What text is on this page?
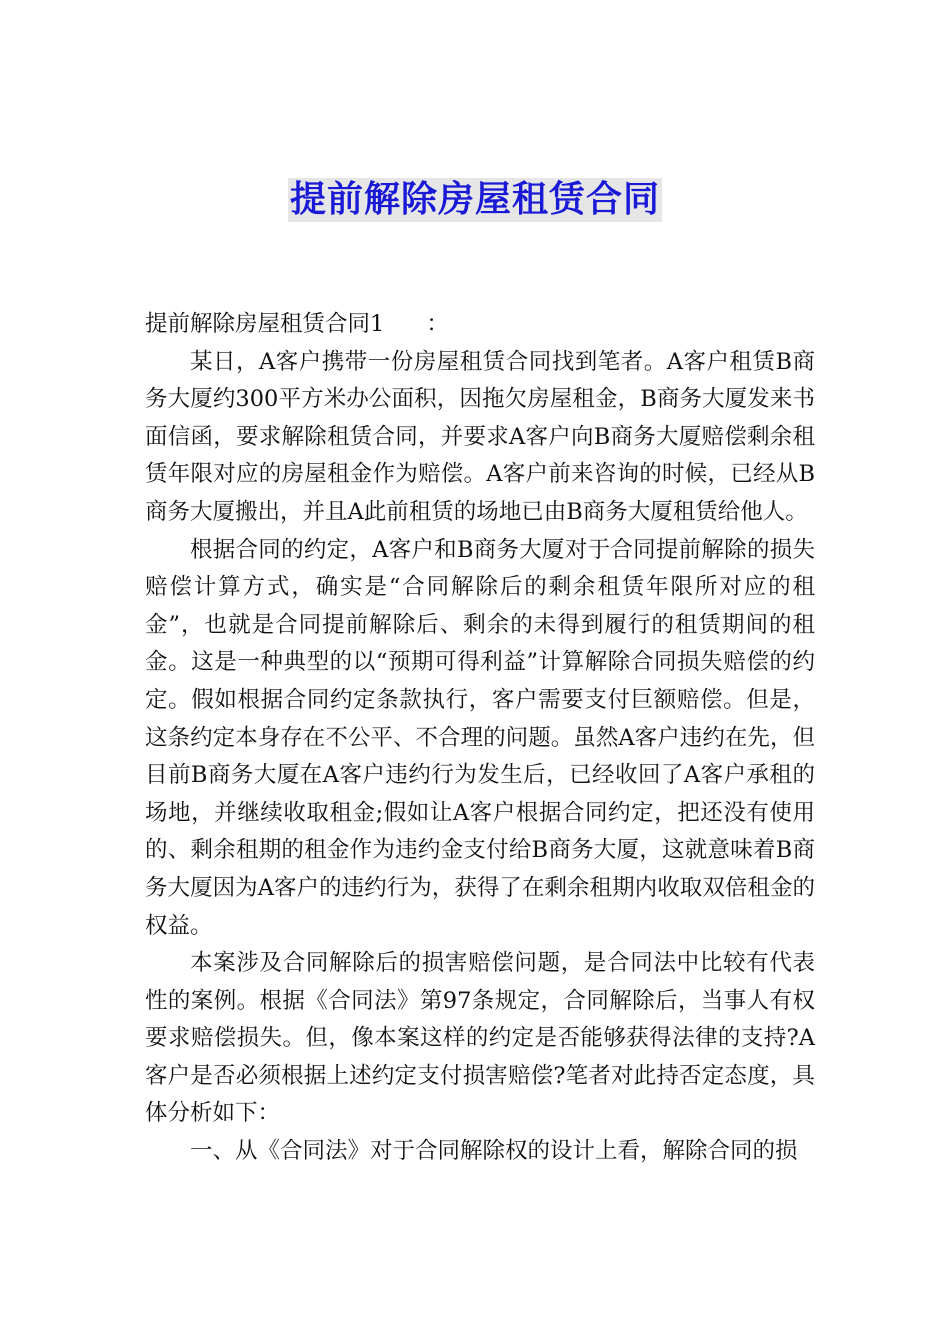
提前解除房屋租赁合同

提前解除房屋租赁合同1 ：

某日，A客户携带一份房屋租赁合同找到笔者。A客户租赁B商务大厦约300平方米办公面积，因拖欠房屋租金，B商务大厦发来书面信函，要求解除租赁合同，并要求A客户向B商务大厦赔偿剩余租赁年限对应的房屋租金作为赔偿。A客户前来咨询的时候，已经从B商务大厦搬出，并且A此前租赁的场地已由B商务大厦租赁给他人。

根据合同的约定，A客户和B商务大厦对于合同提前解除的损失赔偿计算方式，确实是“合同解除后的剩余租赁年限所对应的租金”，也就是合同提前解除后、剩余的未得到履行的租赁期间的租金。这是一种典型的以“预期可得利益”计算解除合同损失赔偿的约定。假如根据合同约定条款执行，客户需要支付巨额赔偿。但是，这条约定本身存在不公平、不合理的问题。虽然A客户违约在先，但目前B商务大厦在A客户违约行为发生后，已经收回了A客户承租的场地，并继续收取租金;假如让A客户根据合同约定，把还没有使用的、剩余租期的租金作为违约金支付给B商务大厦，这就意味着B商务大厦因为A客户的违约行为，获得了在剩余租期内收取双倍租金的权益。

本案涉及合同解除后的损害赔偿问题，是合同法中比较有代表性的案例。根据《合同法》第97条规定，合同解除后，当事人有权要求赔偿损失。但，像本案这样的约定是否能够获得法律的支持?A客户是否必须根据上述约定支付损害赔偿?笔者对此持否定态度，具体分析如下：

一、从《合同法》对于合同解除权的设计上看，解除合同的损
